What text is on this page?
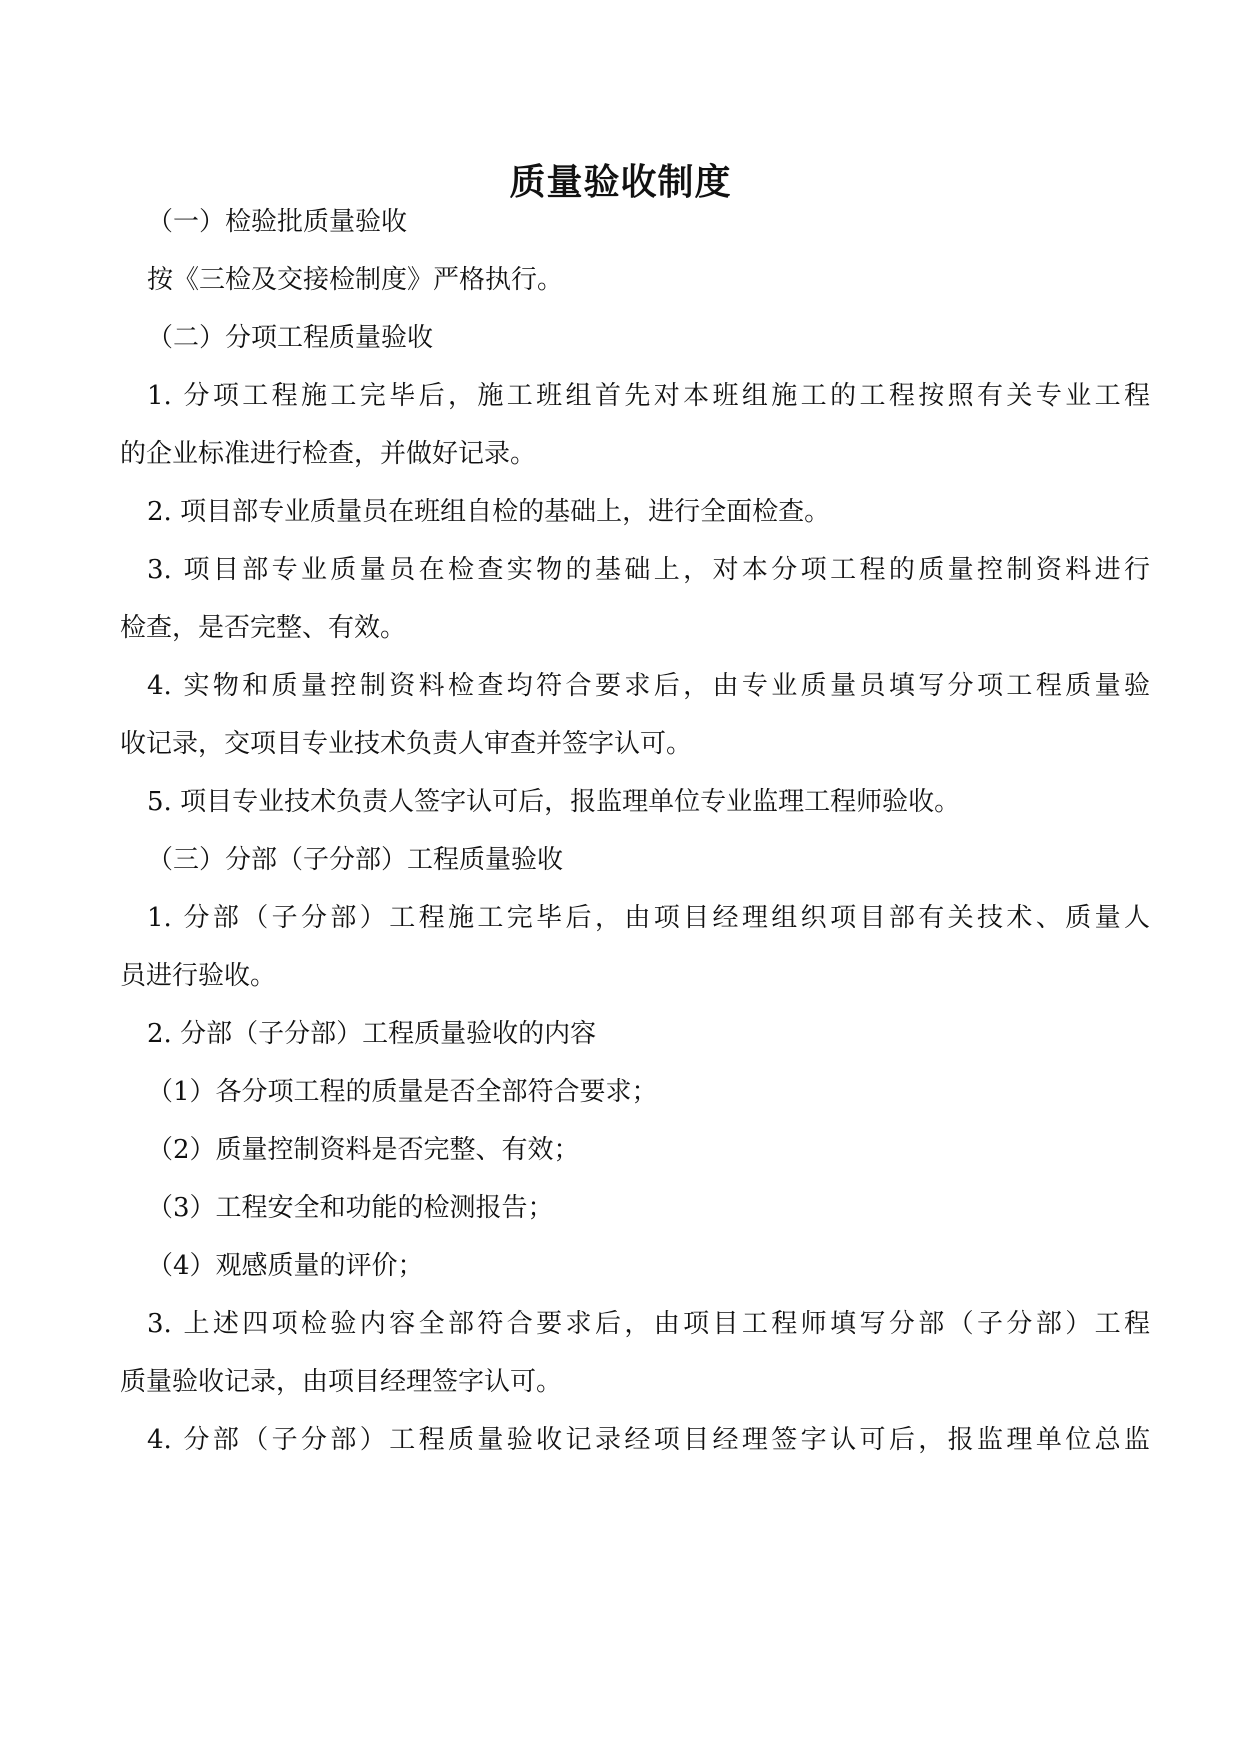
质量验收制度
（一）检验批质量验收
按《三检及交接检制度》严格执行。
（二）分项工程质量验收
1. 分项工程施工完毕后，施工班组首先对本班组施工的工程按照有关专业工程
的企业标准进行检查，并做好记录。
2. 项目部专业质量员在班组自检的基础上，进行全面检查。
3. 项目部专业质量员在检查实物的基础上，对本分项工程的质量控制资料进行
检查，是否完整、有效。
4. 实物和质量控制资料检查均符合要求后，由专业质量员填写分项工程质量验
收记录，交项目专业技术负责人审查并签字认可。
5. 项目专业技术负责人签字认可后，报监理单位专业监理工程师验收。
（三）分部（子分部）工程质量验收
1. 分部（子分部）工程施工完毕后，由项目经理组织项目部有关技术、质量人
员进行验收。
2. 分部（子分部）工程质量验收的内容
（1）各分项工程的质量是否全部符合要求；
（2）质量控制资料是否完整、有效；
（3）工程安全和功能的检测报告；
（4）观感质量的评价；
3. 上述四项检验内容全部符合要求后，由项目工程师填写分部（子分部）工程
质量验收记录，由项目经理签字认可。
4. 分部（子分部）工程质量验收记录经项目经理签字认可后，报监理单位总监
